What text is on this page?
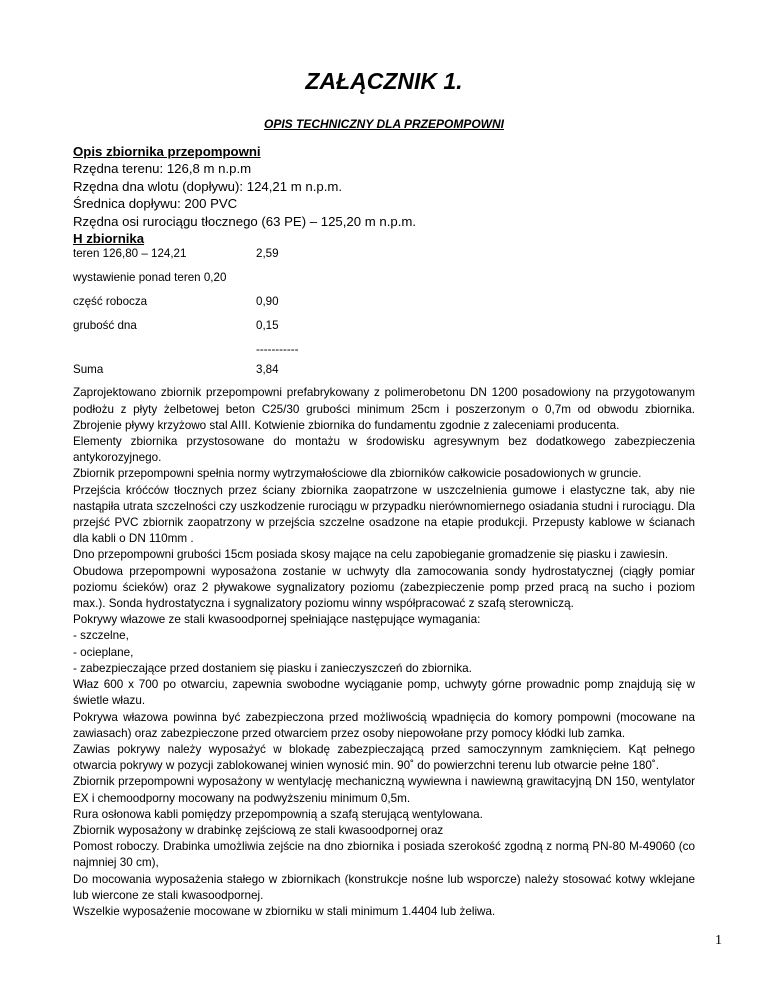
ZAŁĄCZNIK 1.
OPIS TECHNICZNY DLA PRZEPOMPOWNI
Opis zbiornika przepompowni
Rzędna terenu: 126,8 m n.p.m
Rzędna dna wlotu (dopływu): 124,21 m n.p.m.
Średnica dopływu: 200 PVC
Rzędna osi rurociągu tłocznego (63 PE) – 125,20 m n.p.m.
H zbiornika
teren 126,80 – 124,21	2,59
wystawienie ponad teren 0,20
część robocza	0,90
grubość dna	0,15
-----------
Suma	3,84

Zaprojektowano zbiornik przepompowni prefabrykowany z polimerobetonu DN 1200 posadowiony na przygotowanym podłożu z płyty żelbetowej beton C25/30 grubości minimum 25cm i poszerzonym o 0,7m od obwodu zbiornika. Zbrojenie pływy krzyżowo stal AIII. Kotwienie zbiornika do fundamentu zgodnie z zaleceniami producenta.

Elementy zbiornika przystosowane do montażu w środowisku agresywnym bez dodatkowego zabezpieczenia antykorozyjnego.

Zbiornik przepompowni spełnia normy wytrzymałościowe dla zbiorników całkowicie posadowionych w gruncie.

Przejścia króćców tłocznych przez ściany zbiornika zaopatrzone w uszczelnienia gumowe i elastyczne tak, aby nie nastąpiła utrata szczelności czy uszkodzenie rurociągu w przypadku nierównomiernego osiadania studni i rurociągu. Dla przejść PVC zbiornik zaopatrzony w przejścia szczelne osadzone na etapie produkcji. Przepusty kablowe w ścianach dla kabli o DN 110mm .

Dno przepompowni grubości 15cm posiada skosy mające na celu zapobieganie gromadzenie się piasku i zawiesin.

Obudowa przepompowni wyposażona zostanie w uchwyty dla zamocowania sondy hydrostatycznej (ciągły pomiar poziomu ścieków) oraz 2 pływakowe sygnalizatory poziomu (zabezpieczenie pomp przed pracą na sucho i poziom max.). Sonda hydrostatyczna i sygnalizatory poziomu winny współpracować z szafą sterowniczą.

Pokrywy włazowe ze stali kwasoodpornej spełniające następujące wymagania:

- szczelne,

- ocieplane,

- zabezpieczające przed dostaniem się piasku i zanieczyszczeń do zbiornika.

Właz 600 x 700 po otwarciu, zapewnia swobodne wyciąganie pomp, uchwyty górne prowadnic pomp znajdują się w świetle włazu.

Pokrywa włazowa powinna być zabezpieczona przed możliwością wpadnięcia do komory pompowni (mocowane na zawiasach) oraz zabezpieczone przed otwarciem przez osoby niepowołane przy pomocy kłódki lub zamka.

Zawias pokrywy należy wyposażyć w blokadę zabezpieczającą przed samoczynnym zamknięciem. Kąt pełnego otwarcia pokrywy w pozycji zablokowanej winien wynosić min. 90˚ do powierzchni terenu lub otwarcie pełne 180˚.

Zbiornik przepompowni wyposażony w wentylację mechaniczną wywiewna i nawiewną grawitacyjną DN 150, wentylator EX i chemoodporny mocowany na podwyższeniu minimum 0,5m.

Rura osłonowa kabli pomiędzy przepompownią a szafą sterującą wentylowana.

Zbiornik wyposażony w drabinkę zejściową ze stali kwasoodpornej oraz

Pomost roboczy. Drabinka umożliwia zejście na dno zbiornika i posiada szerokość zgodną z normą PN-80 M-49060 (co najmniej 30 cm),

Do mocowania wyposażenia stałego w zbiornikach (konstrukcje nośne lub wsporcze) należy stosować kotwy wklejane lub wiercone ze stali kwasoodpornej.

Wszelkie wyposażenie mocowane w zbiorniku w stali minimum 1.4404 lub żeliwa.

1
